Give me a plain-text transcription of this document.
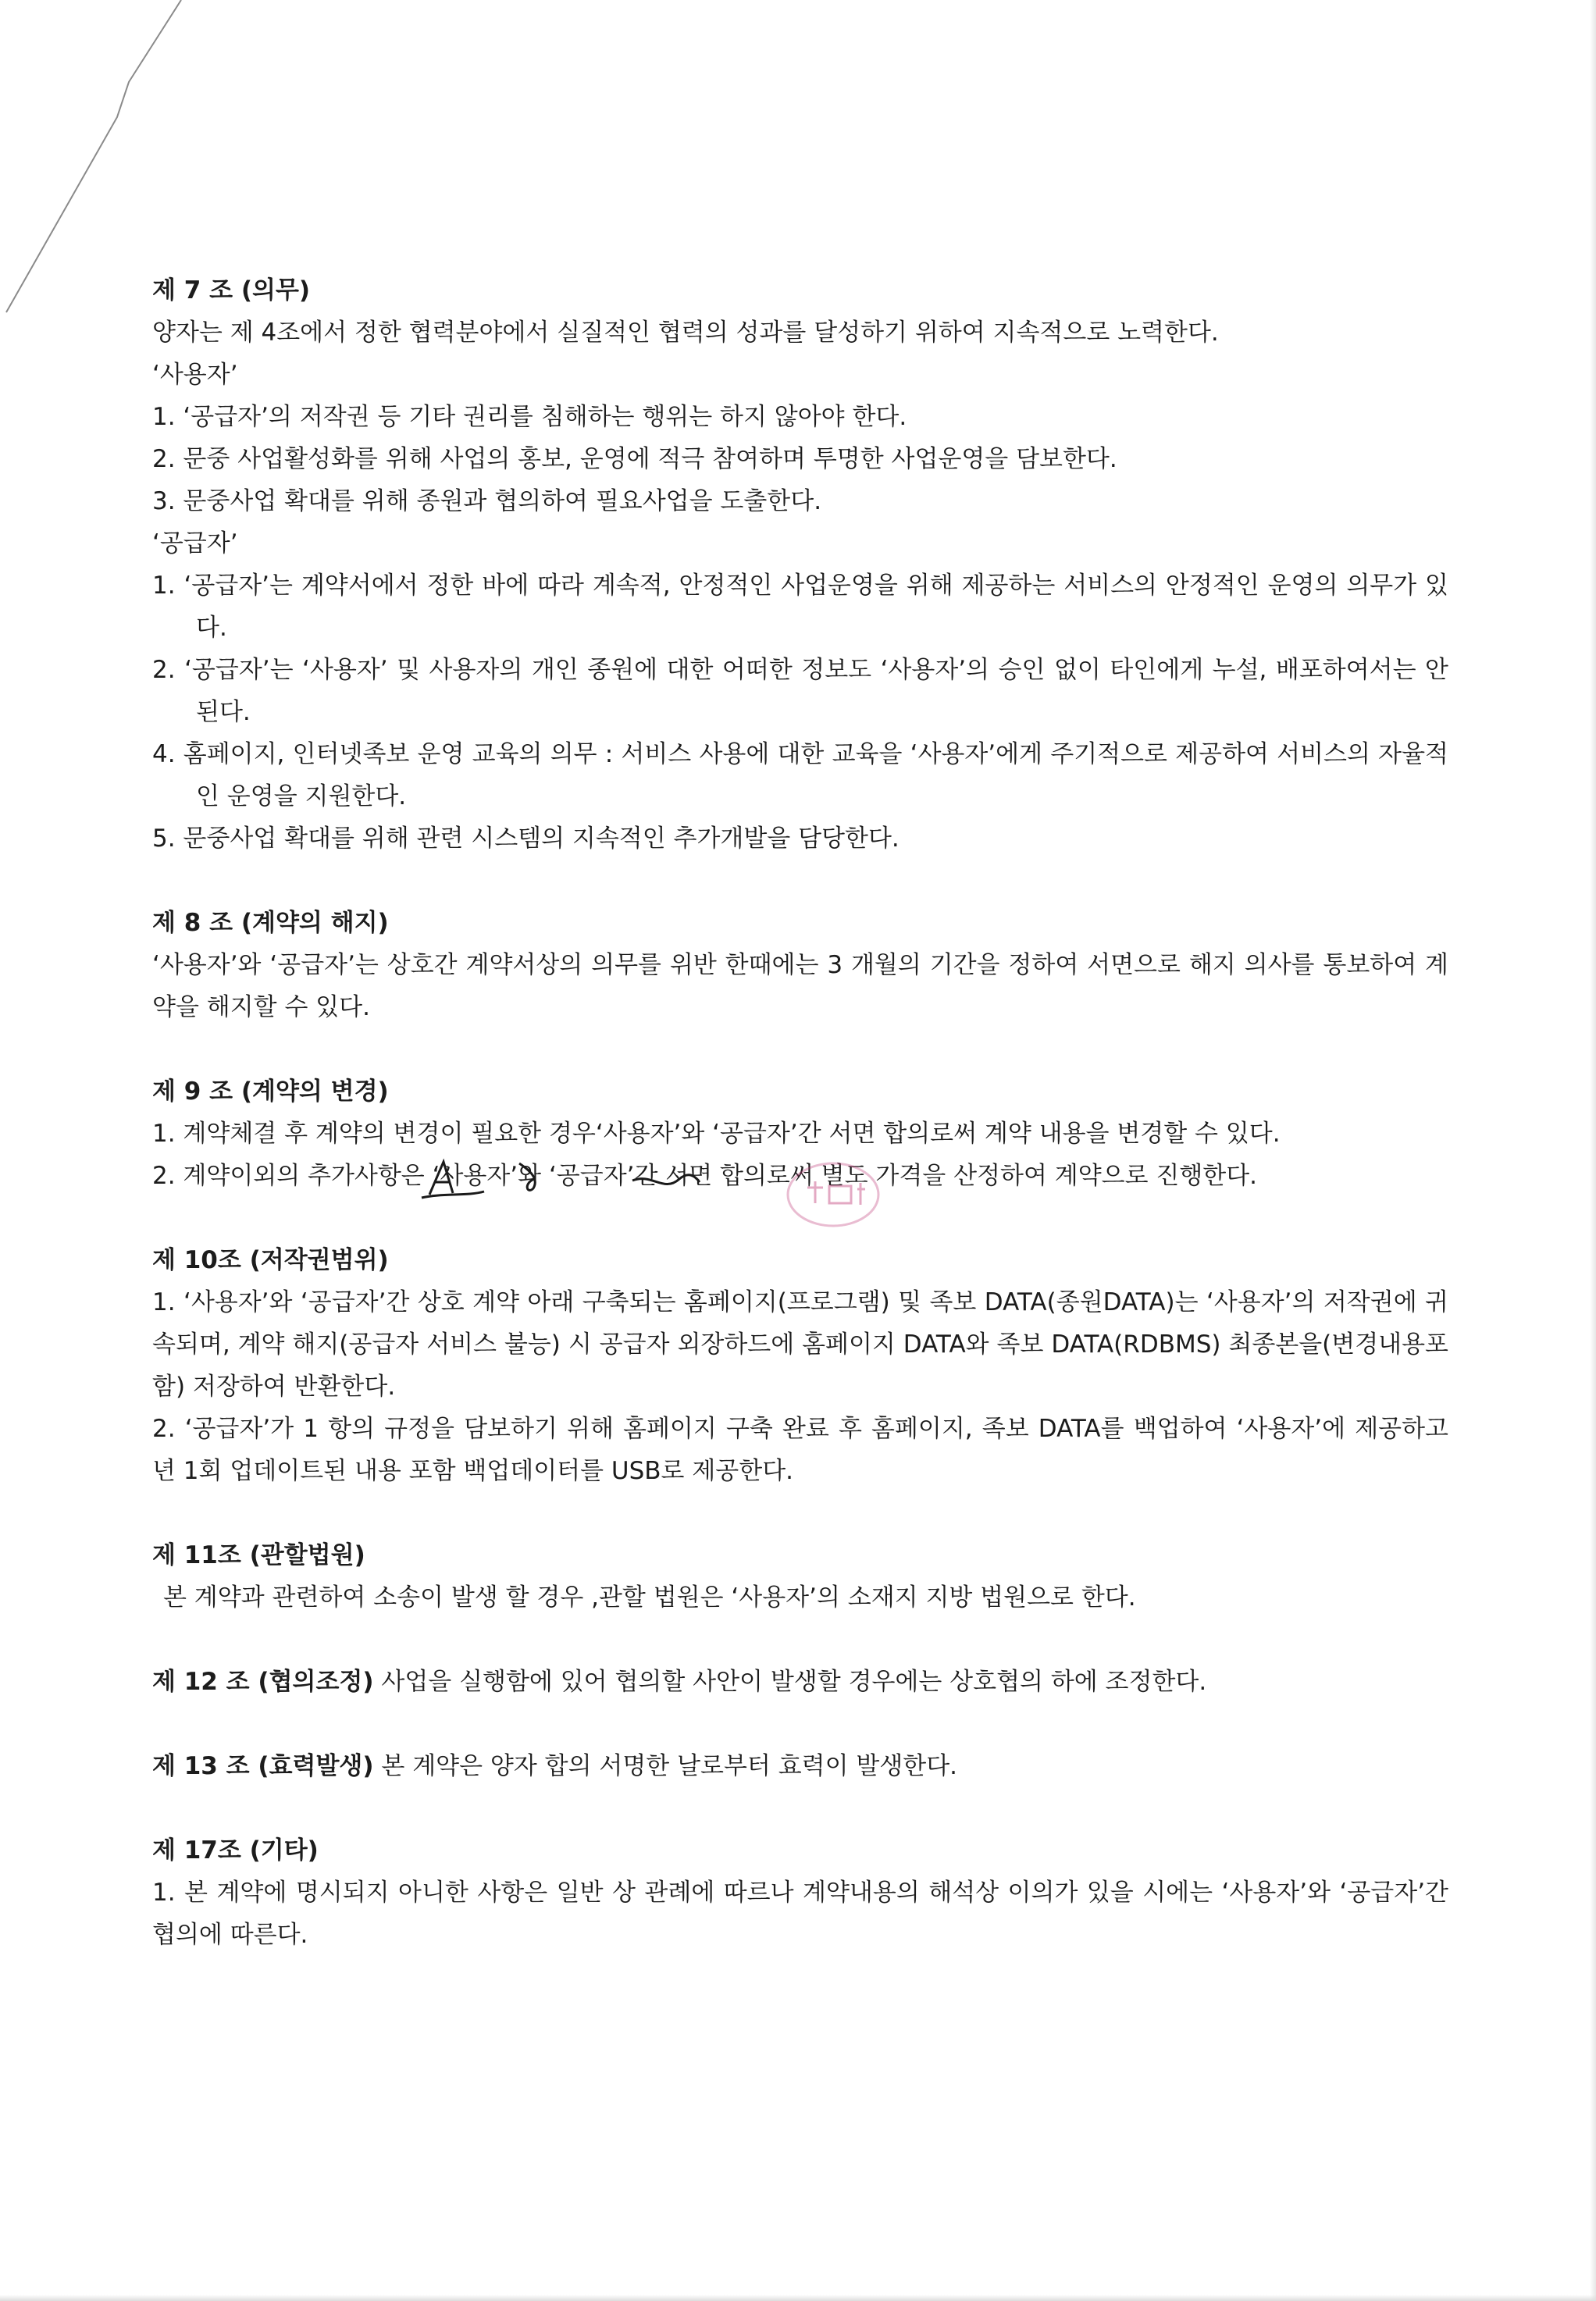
제 7 조 (의무)

양자는 제 4조에서 정한 협력분야에서 실질적인 협력의 성과를 달성하기 위하여 지속적으로 노력한다.

‘사용자’

1. ‘공급자’의 저작권 등 기타 권리를 침해하는 행위는 하지 않아야 한다.

2. 문중 사업활성화를 위해 사업의 홍보, 운영에 적극 참여하며 투명한 사업운영을 담보한다.

3. 문중사업 확대를 위해 종원과 협의하여 필요사업을 도출한다.

‘공급자’

1. ‘공급자’는 계약서에서 정한 바에 따라 계속적, 안정적인 사업운영을 위해 제공하는 서비스의 안정적인 운영의 의무가 있다.

2. ‘공급자’는 ‘사용자’ 및 사용자의 개인 종원에 대한 어떠한 정보도 ‘사용자’의 승인 없이 타인에게 누설, 배포하여서는 안된다.

4. 홈페이지, 인터넷족보 운영 교육의 의무 : 서비스 사용에 대한 교육을 ‘사용자’에게 주기적으로 제공하여 서비스의 자율적인 운영을 지원한다.

5. 문중사업 확대를 위해 관련 시스템의 지속적인 추가개발을 담당한다.

제 8 조 (계약의 해지)

‘사용자’와 ‘공급자’는 상호간 계약서상의 의무를 위반 한때에는 3 개월의 기간을 정하여 서면으로 해지 의사를 통보하여 계약을 해지할 수 있다.

제 9 조 (계약의 변경)

1. 계약체결 후 계약의 변경이 필요한 경우‘사용자’와 ‘공급자’간 서면 합의로써 계약 내용을 변경할 수 있다.

2. 계약이외의 추가사항은 ‘사용자’와 ‘공급자’간 서면 합의로써 별도 가격을 산정하여 계약으로 진행한다.

제 10조 (저작권범위)

1. ‘사용자’와 ‘공급자’간 상호 계약 아래 구축되는 홈페이지(프로그램) 및 족보 DATA(종원DATA)는 ‘사용자’의 저작권에 귀속되며, 계약 해지(공급자 서비스 불능) 시 공급자 외장하드에 홈페이지 DATA와 족보 DATA(RDBMS) 최종본을(변경내용포함) 저장하여 반환한다.

2. ‘공급자’가 1 항의 규정을 담보하기 위해 홈페이지 구축 완료 후 홈페이지, 족보 DATA를 백업하여 ‘사용자’에 제공하고 년 1회 업데이트된 내용 포함 백업데이터를 USB로 제공한다.

제 11조 (관할법원)

본 계약과 관련하여 소송이 발생 할 경우 ,관할 법원은 ‘사용자’의 소재지 지방 법원으로 한다.

제 12 조 (협의조정) 사업을 실행함에 있어 협의할 사안이 발생할 경우에는 상호협의 하에 조정한다.

제 13 조 (효력발생) 본 계약은 양자 합의 서명한 날로부터 효력이 발생한다.

제 17조 (기타)

1. 본 계약에 명시되지 아니한 사항은 일반 상 관례에 따르나 계약내용의 해석상 이의가 있을 시에는 ‘사용자’와 ‘공급자’간 협의에 따른다.
